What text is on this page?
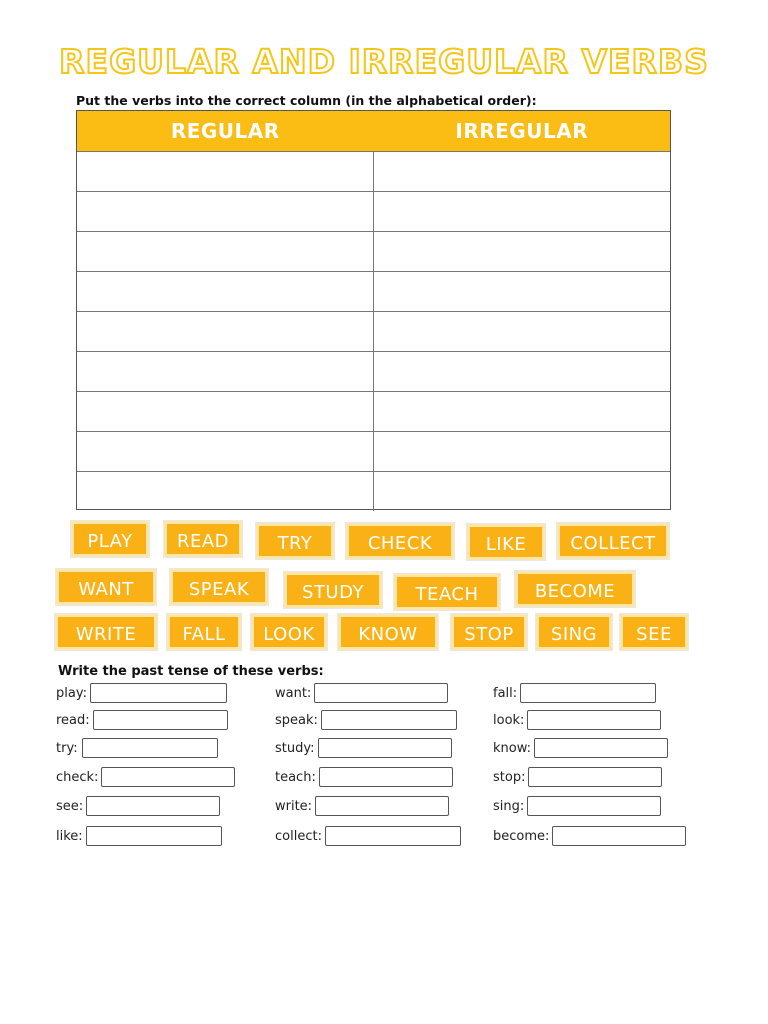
REGULAR AND IRREGULAR VERBS
Put the verbs into the correct column (in the alphabetical order):
REGULAR	IRREGULAR
PLAY	READ	TRY	CHECK	LIKE	COLLECT
WANT	SPEAK	STUDY	TEACH	BECOME
WRITE	FALL	LOOK	KNOW	STOP	SING	SEE
Write the past tense of these verbs:
play:
read:
try:
check:
see:
like:
want:
speak:
study:
teach:
write:
collect:
fall:
look:
know:
stop:
sing:
become:
